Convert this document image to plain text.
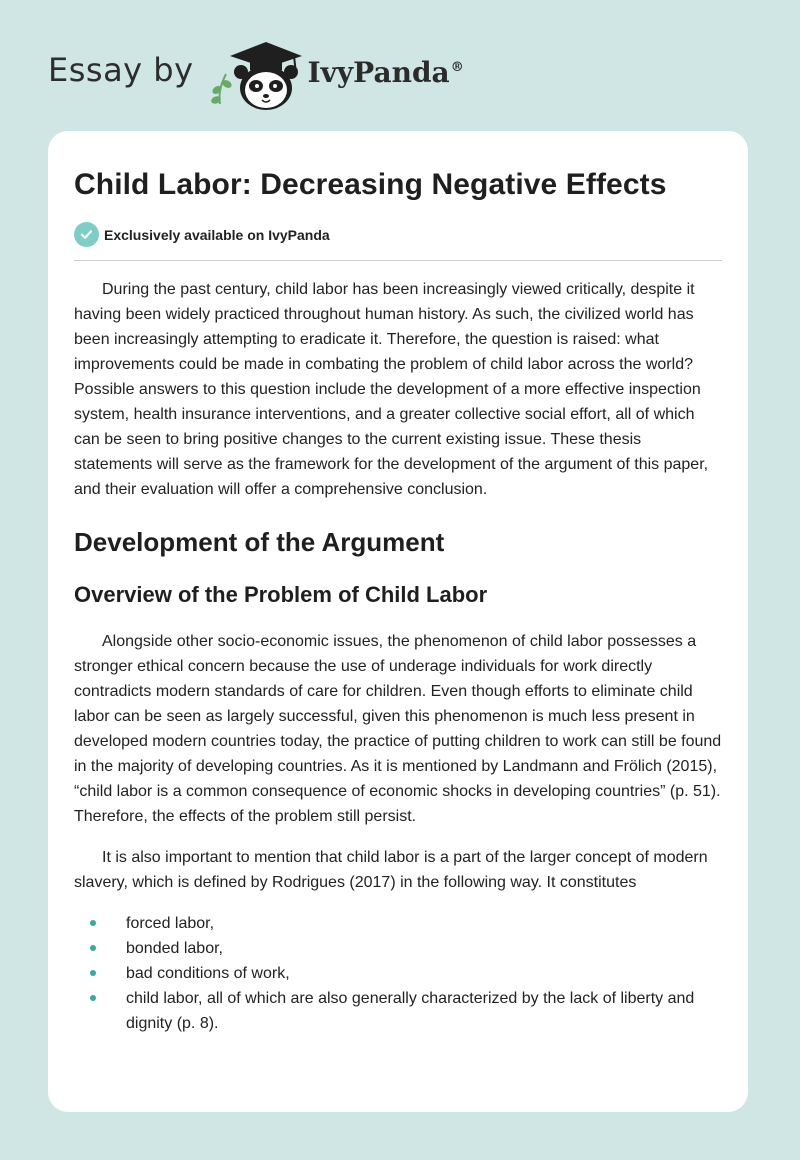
Essay by	IvyPanda®
Child Labor: Decreasing Negative Effects
Exclusively available on IvyPanda

During the past century, child labor has been increasingly viewed critically, despite it having been widely practiced throughout human history. As such, the civilized world has been increasingly attempting to eradicate it. Therefore, the question is raised: what improvements could be made in combating the problem of child labor across the world? Possible answers to this question include the development of a more effective inspection system, health insurance interventions, and a greater collective social effort, all of which can be seen to bring positive changes to the current existing issue. These thesis statements will serve as the framework for the development of the argument of this paper, and their evaluation will offer a comprehensive conclusion.

Development of the Argument
Overview of the Problem of Child Labor

Alongside other socio-economic issues, the phenomenon of child labor possesses a stronger ethical concern because the use of underage individuals for work directly contradicts modern standards of care for children. Even though efforts to eliminate child labor can be seen as largely successful, given this phenomenon is much less present in developed modern countries today, the practice of putting children to work can still be found in the majority of developing countries. As it is mentioned by Landmann and Frölich (2015), “child labor is a common consequence of economic shocks in developing countries” (p. 51). Therefore, the effects of the problem still persist.

It is also important to mention that child labor is a part of the larger concept of modern slavery, which is defined by Rodrigues (2017) in the following way. It constitutes

forced labor,
bonded labor,
bad conditions of work,
child labor, all of which are also generally characterized by the lack of liberty and dignity (p. 8).
